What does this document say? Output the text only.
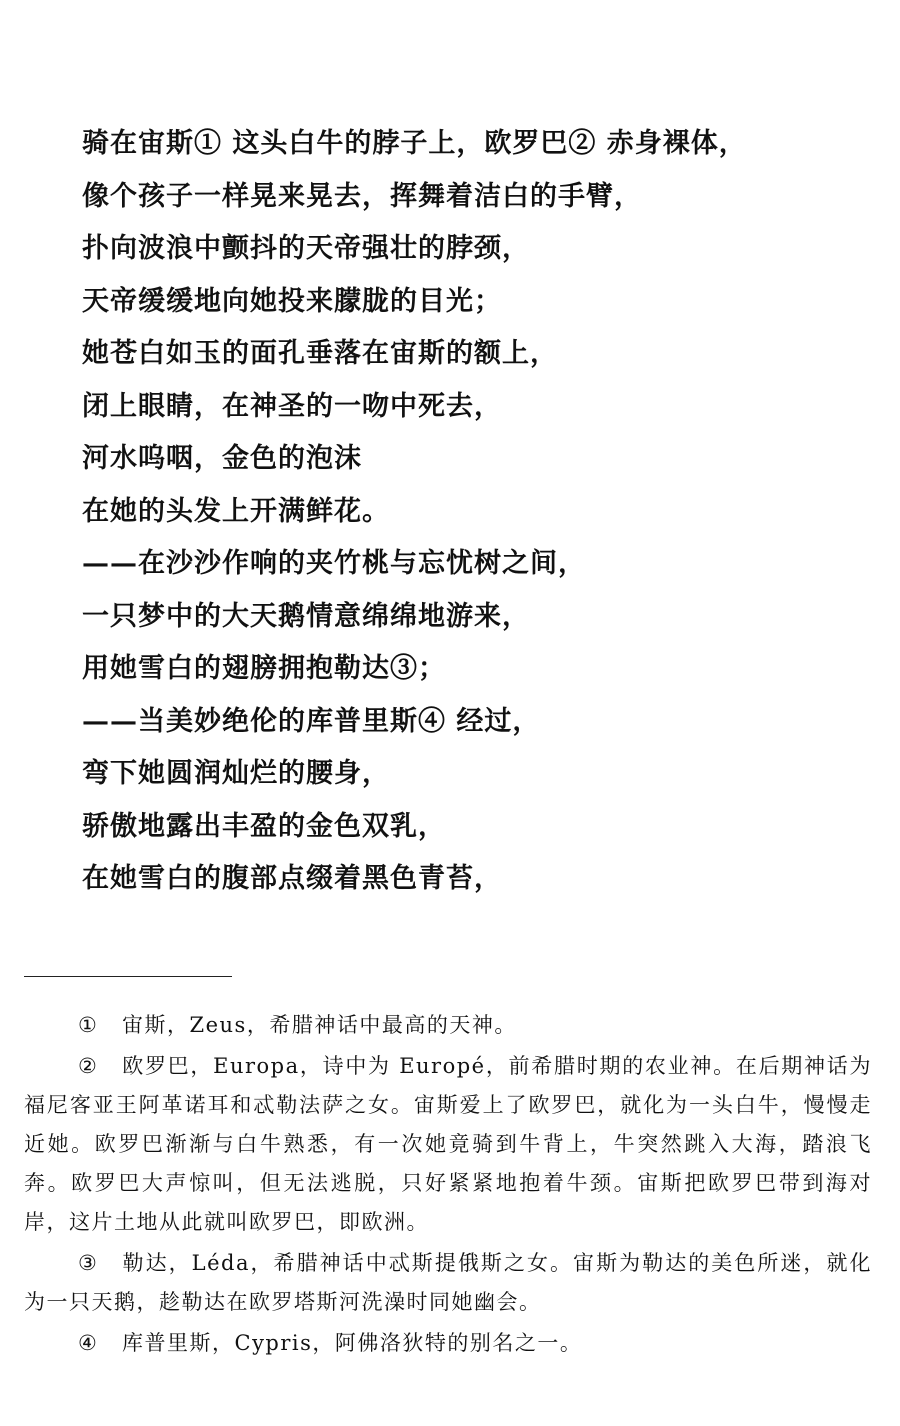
骑在宙斯① 这头白牛的脖子上，欧罗巴② 赤身裸体，
像个孩子一样晃来晃去，挥舞着洁白的手臂，
扑向波浪中颤抖的天帝强壮的脖颈，
天帝缓缓地向她投来朦胧的目光；
她苍白如玉的面孔垂落在宙斯的额上，
闭上眼睛，在神圣的一吻中死去，
河水呜咽，金色的泡沫
在她的头发上开满鲜花。
——在沙沙作响的夹竹桃与忘忧树之间，
一只梦中的大天鹅情意绵绵地游来，
用她雪白的翅膀拥抱勒达③；
——当美妙绝伦的库普里斯④ 经过，
弯下她圆润灿烂的腰身，
骄傲地露出丰盈的金色双乳，
在她雪白的腹部点缀着黑色青苔，

① 宙斯，Zeus，希腊神话中最高的天神。

② 欧罗巴，Europa，诗中为 Europé，前希腊时期的农业神。在后期神话为福尼客亚王阿革诺耳和忒勒法萨之女。宙斯爱上了欧罗巴，就化为一头白牛，慢慢走近她。欧罗巴渐渐与白牛熟悉，有一次她竟骑到牛背上，牛突然跳入大海，踏浪飞奔。欧罗巴大声惊叫，但无法逃脱，只好紧紧地抱着牛颈。宙斯把欧罗巴带到海对岸，这片土地从此就叫欧罗巴，即欧洲。

③ 勒达，Léda，希腊神话中忒斯提俄斯之女。宙斯为勒达的美色所迷，就化为一只天鹅，趁勒达在欧罗塔斯河洗澡时同她幽会。

④ 库普里斯，Cypris，阿佛洛狄特的别名之一。
